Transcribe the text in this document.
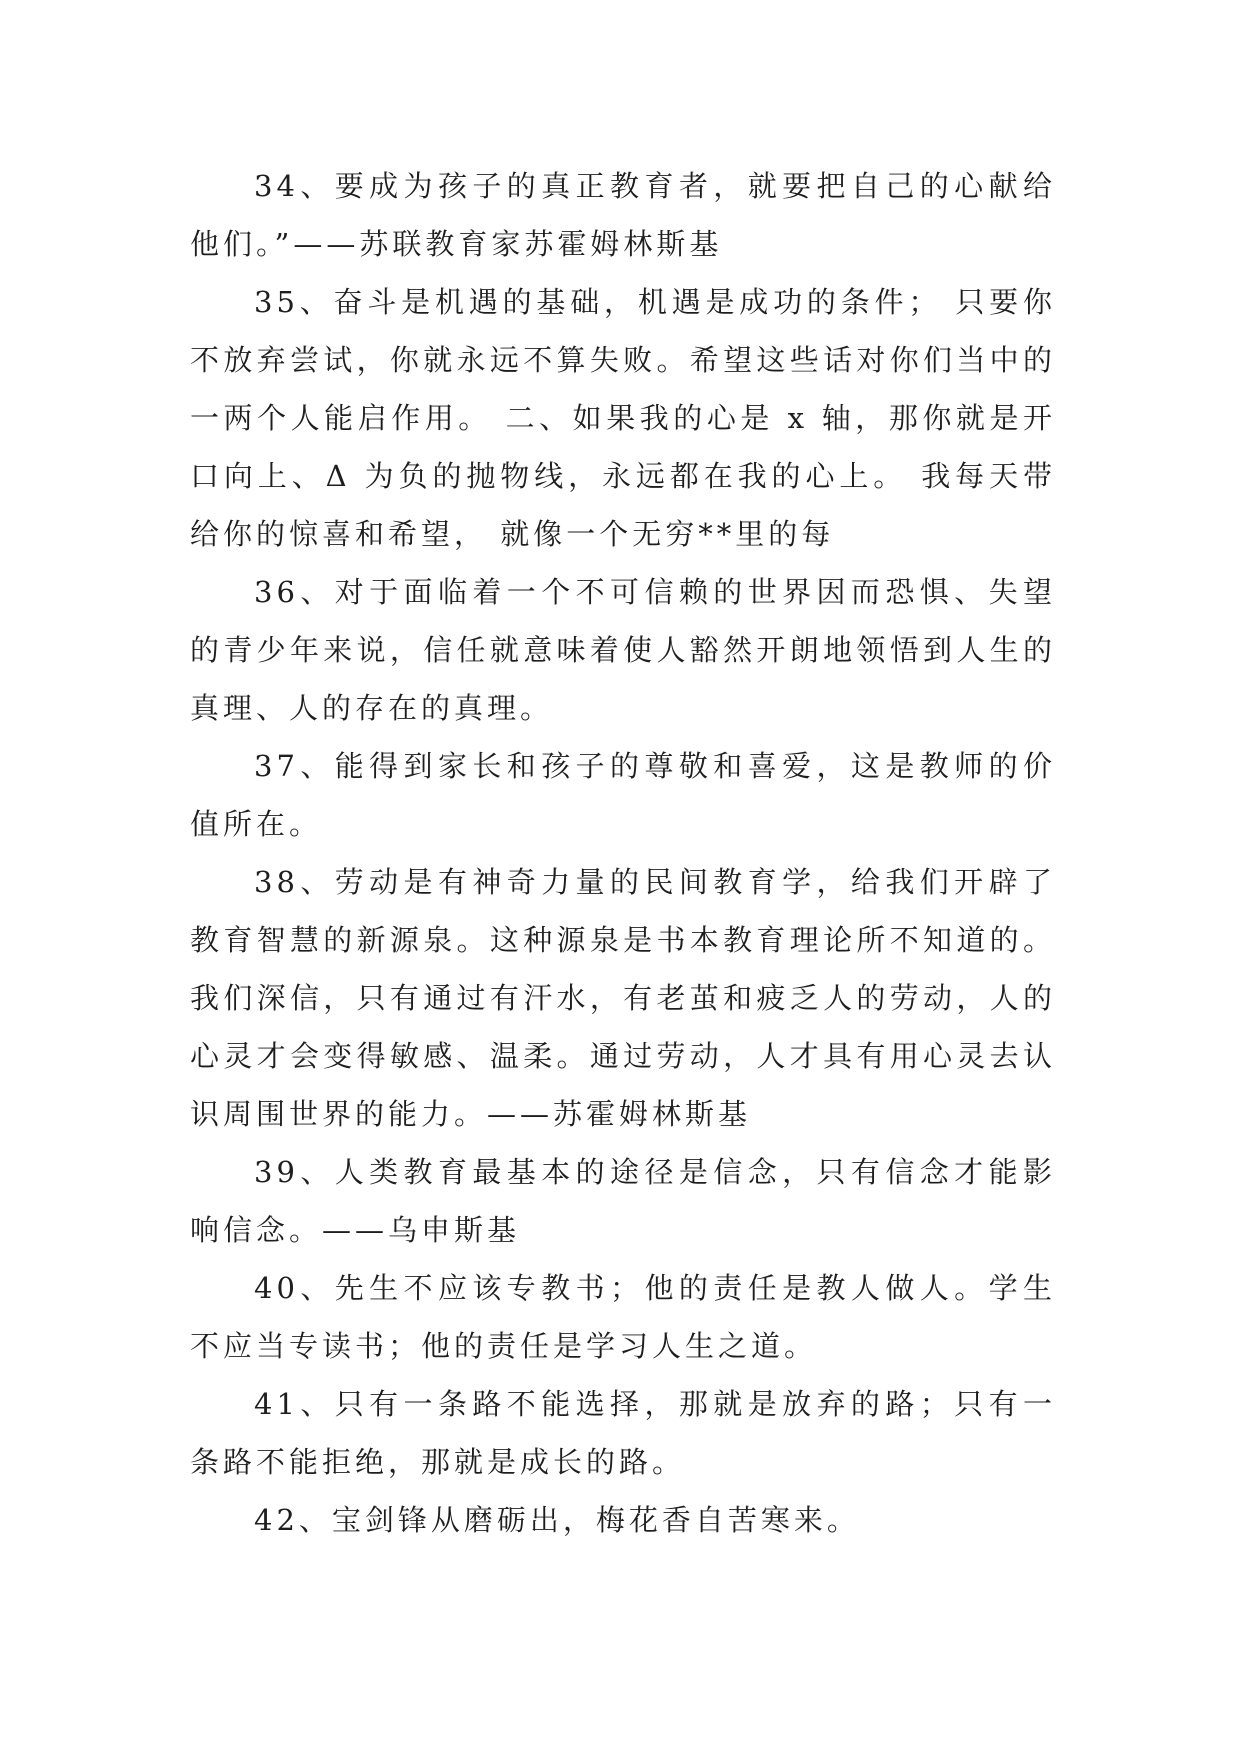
34、要成为孩子的真正教育者，就要把自己的心献给他们。”——苏联教育家苏霍姆林斯基

35、奋斗是机遇的基础，机遇是成功的条件； 只要你不放弃尝试，你就永远不算失败。希望这些话对你们当中的一两个人能启作用。 二、如果我的心是 x 轴，那你就是开口向上、Δ 为负的抛物线，永远都在我的心上。 我每天带给你的惊喜和希望， 就像一个无穷**里的每

36、对于面临着一个不可信赖的世界因而恐惧、失望的青少年来说，信任就意味着使人豁然开朗地领悟到人生的真理、人的存在的真理。

37、能得到家长和孩子的尊敬和喜爱，这是教师的价值所在。

38、劳动是有神奇力量的民间教育学，给我们开辟了教育智慧的新源泉。这种源泉是书本教育理论所不知道的。我们深信，只有通过有汗水，有老茧和疲乏人的劳动，人的心灵才会变得敏感、温柔。通过劳动，人才具有用心灵去认识周围世界的能力。——苏霍姆林斯基

39、人类教育最基本的途径是信念，只有信念才能影响信念。——乌申斯基

40、先生不应该专教书；他的责任是教人做人。学生不应当专读书；他的责任是学习人生之道。

41、只有一条路不能选择，那就是放弃的路；只有一条路不能拒绝，那就是成长的路。

42、宝剑锋从磨砺出，梅花香自苦寒来。
